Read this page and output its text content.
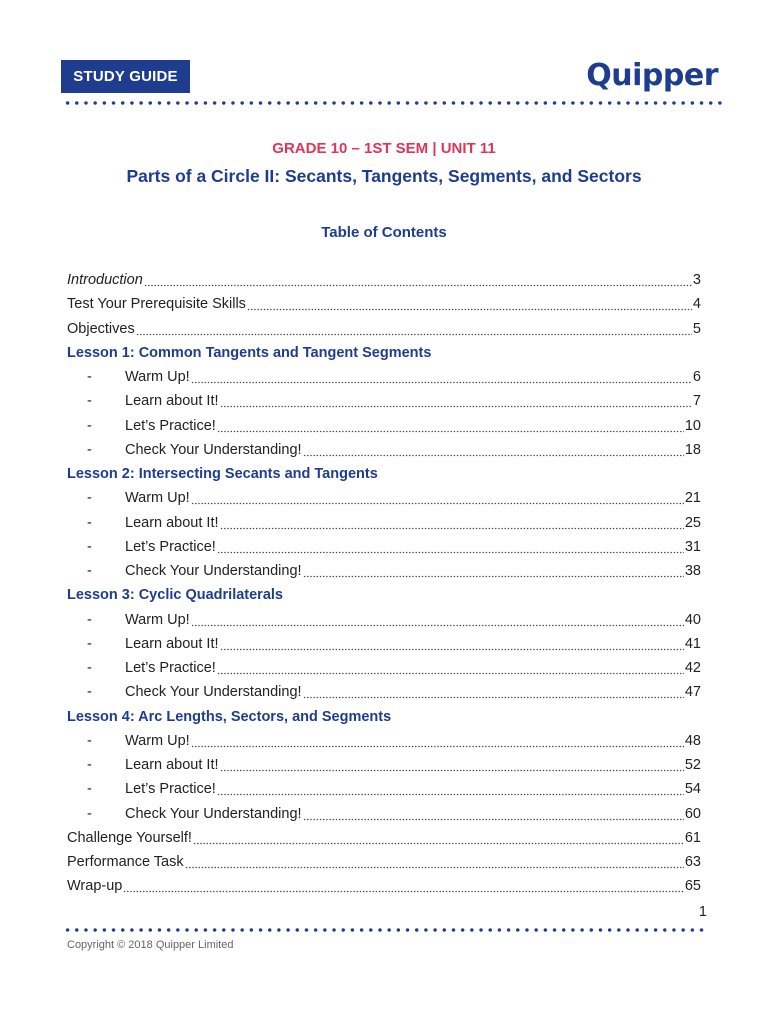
STUDY GUIDE	Quipper
GRADE 10 – 1ST SEM | UNIT 11
Parts of a Circle II: Secants, Tangents, Segments, and Sectors
Table of Contents
Introduction	3
Test Your Prerequisite Skills	4
Objectives	5
Lesson 1: Common Tangents and Tangent Segments
-	Warm Up!	6
-	Learn about It!	7
-	Let’s Practice!	10
-	Check Your Understanding!	18
Lesson 2: Intersecting Secants and Tangents
-	Warm Up!	21
-	Learn about It!	25
-	Let’s Practice!	31
-	Check Your Understanding!	38
Lesson 3: Cyclic Quadrilaterals
-	Warm Up!	40
-	Learn about It!	41
-	Let’s Practice!	42
-	Check Your Understanding!	47
Lesson 4: Arc Lengths, Sectors, and Segments
-	Warm Up!	48
-	Learn about It!	52
-	Let’s Practice!	54
-	Check Your Understanding!	60
Challenge Yourself!	61
Performance Task	63
Wrap-up	65
1
Copyright © 2018 Quipper Limited
